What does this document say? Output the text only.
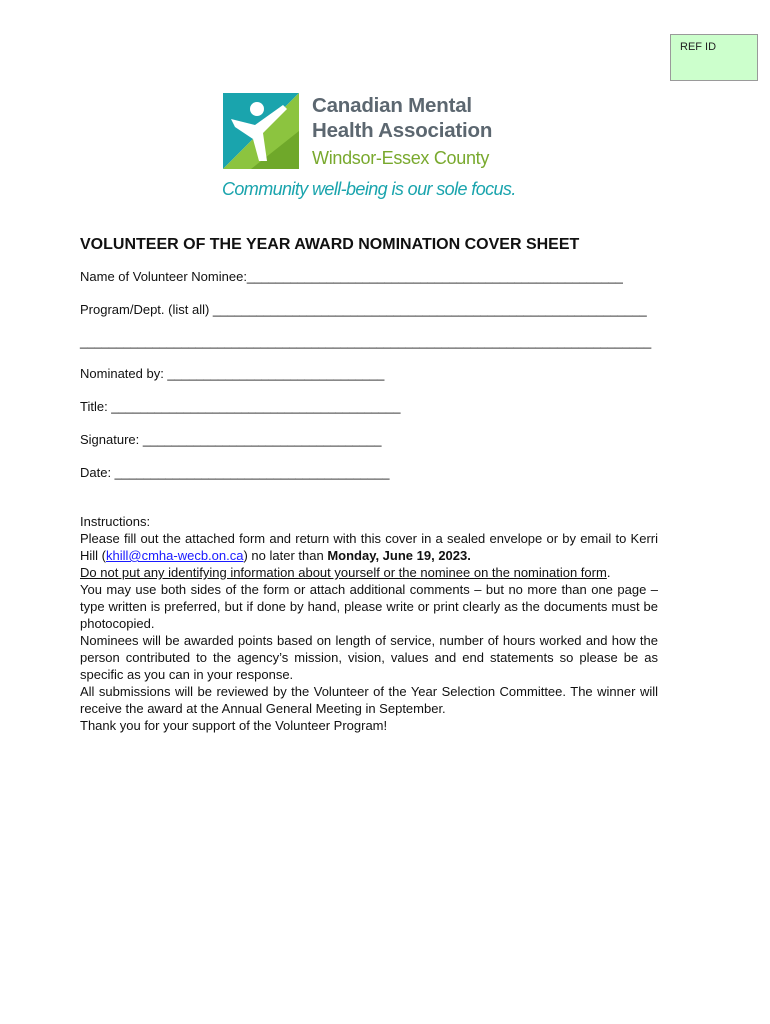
REF ID
Canadian Mental
Health Association
Windsor-Essex County
Community well-being is our sole focus.
VOLUNTEER OF THE YEAR AWARD NOMINATION COVER SHEET
Name of Volunteer Nominee:____________________________________________________
Program/Dept. (list all) ____________________________________________________________
_______________________________________________________________________________
Nominated by: ______________________________
Title: ________________________________________
Signature: _________________________________
Date: ______________________________________
Instructions:

Please fill out the attached form and return with this cover in a sealed envelope or by email to Kerri Hill (khill@cmha-wecb.on.ca) no later than Monday, June 19, 2023.

Do not put any identifying information about yourself or the nominee on the nomination form.

You may use both sides of the form or attach additional comments – but no more than one page – type written is preferred, but if done by hand, please write or print clearly as the documents must be photocopied.

Nominees will be awarded points based on length of service, number of hours worked and how the person contributed to the agency’s mission, vision, values and end statements so please be as specific as you can in your response.

All submissions will be reviewed by the Volunteer of the Year Selection Committee. The winner will receive the award at the Annual General Meeting in September.

Thank you for your support of the Volunteer Program!
